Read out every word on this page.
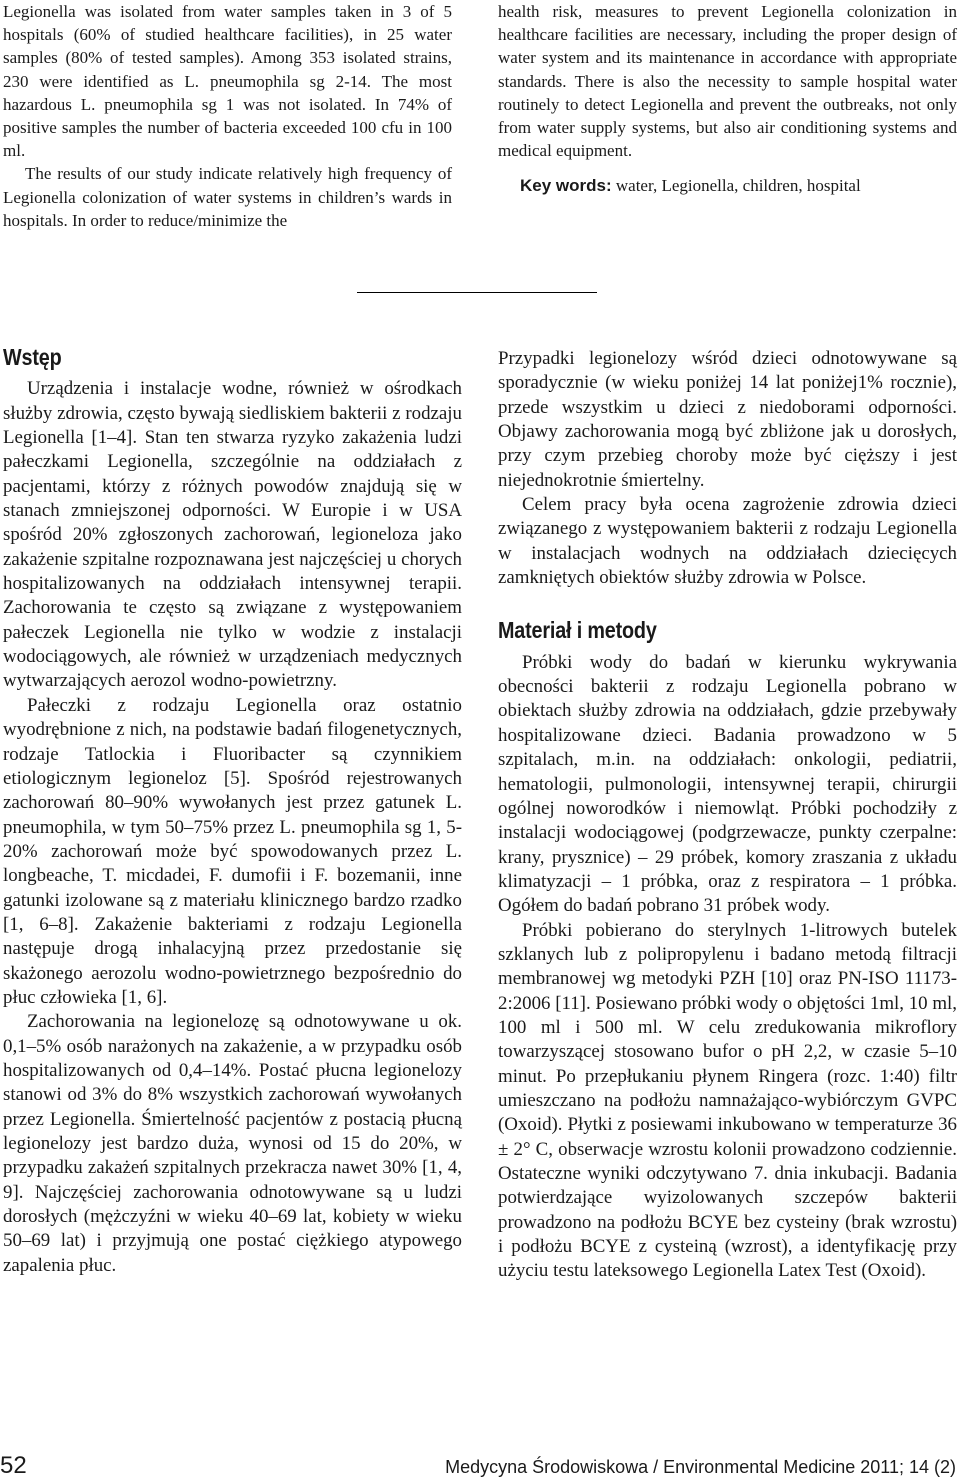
Legionella was isolated from water samples taken in 3 of 5 hospitals (60% of studied healthcare facilities), in 25 water samples (80% of tested samples). Among 353 isolated strains, 230 were identified as L. pneumophila sg 2-14. The most hazardous L. pneumophila sg 1 was not isolated. In 74% of positive samples the number of bacteria exceeded 100 cfu in 100 ml.

The results of our study indicate relatively high frequency of Legionella colonization of water systems in children’s wards in hospitals. In order to reduce/minimize the

health risk, measures to prevent Legionella colonization in healthcare facilities are necessary, including the proper design of water system and its maintenance in accordance with appropriate standards. There is also the necessity to sample hospital water routinely to detect Legionella and prevent the outbreaks, not only from water supply systems, but also air conditioning systems and medical equipment.

Key words: water, Legionella, children, hospital

Wstęp

Urządzenia i instalacje wodne, również w ośrodkach służby zdrowia, często bywają siedliskiem bakterii z rodzaju Legionella [1–4]. Stan ten stwarza ryzyko zakażenia ludzi pałeczkami Legionella, szczególnie na oddziałach z pacjentami, którzy z różnych powodów znajdują się w stanach zmniejszonej odporności. W Europie i w USA spośród 20% zgłoszonych zachorowań, legioneloza jako zakażenie szpitalne rozpoznawana jest najczęściej u chorych hospitalizowanych na oddziałach intensywnej terapii. Zachorowania te często są związane z występowaniem pałeczek Legionella nie tylko w wodzie z instalacji wodociągowych, ale również w urządzeniach medycznych wytwarzających aerozol wodno-powietrzny.

Pałeczki z rodzaju Legionella oraz ostatnio wyodrębnione z nich, na podstawie badań filogenetycznych, rodzaje Tatlockia i Fluoribacter są czynnikiem etiologicznym legioneloz [5]. Spośród rejestrowanych zachorowań 80–90% wywołanych jest przez gatunek L. pneumophila, w tym 50–75% przez L. pneumophila sg 1, 5-20% zachorowań może być spowodowanych przez L. longbeache, T. micdadei, F. dumofii i F. bozemanii, inne gatunki izolowane są z materiału klinicznego bardzo rzadko [1, 6–8]. Zakażenie bakteriami z rodzaju Legionella następuje drogą inhalacyjną przez przedostanie się skażonego aerozolu wodno-powietrznego bezpośrednio do płuc człowieka [1, 6].

Zachorowania na legionelozę są odnotowywane u ok. 0,1–5% osób narażonych na zakażenie, a w przypadku osób hospitalizowanych od 0,4–14%. Postać płucna legionelozy stanowi od 3% do 8% wszystkich zachorowań wywołanych przez Legionella. Śmiertelność pacjentów z postacią płucną legionelozy jest bardzo duża, wynosi od 15 do 20%, w przypadku zakażeń szpitalnych przekracza nawet 30% [1, 4, 9]. Najczęściej zachorowania odnotowywane są u ludzi dorosłych (mężczyźni w wieku 40–69 lat, kobiety w wieku 50–69 lat) i przyjmują one postać ciężkiego atypowego zapalenia płuc.

Przypadki legionelozy wśród dzieci odnotowywane są sporadycznie (w wieku poniżej 14 lat poniżej1% rocznie), przede wszystkim u dzieci z niedoborami odporności. Objawy zachorowania mogą być zbliżone jak u dorosłych, przy czym przebieg choroby może być cięższy i jest niejednokrotnie śmiertelny.

Celem pracy była ocena zagrożenie zdrowia dzieci związanego z występowaniem bakterii z rodzaju Legionella w instalacjach wodnych na oddziałach dziecięcych zamkniętych obiektów służby zdrowia w Polsce.

Materiał i metody

Próbki wody do badań w kierunku wykrywania obecności bakterii z rodzaju Legionella pobrano w obiektach służby zdrowia na oddziałach, gdzie przebywały hospitalizowane dzieci. Badania prowadzono w 5 szpitalach, m.in. na oddziałach: onkologii, pediatrii, hematologii, pulmonologii, intensywnej terapii, chirurgii ogólnej noworodków i niemowląt. Próbki pochodziły z instalacji wodociągowej (podgrzewacze, punkty czerpalne: krany, prysznice) – 29 próbek, komory zraszania z układu klimatyzacji – 1 próbka, oraz z respiratora – 1 próbka. Ogółem do badań pobrano 31 próbek wody.

Próbki pobierano do sterylnych 1-litrowych butelek szklanych lub z polipropylenu i badano metodą filtracji membranowej wg metodyki PZH [10] oraz PN-ISO 11173-2:2006 [11]. Posiewano próbki wody o objętości 1ml, 10 ml, 100 ml i 500 ml. W celu zredukowania mikroflory towarzyszącej stosowano bufor o pH 2,2, w czasie 5–10 minut. Po przepłukaniu płynem Ringera (rozc. 1:40) filtr umieszczano na podłożu namnażająco-wybiórczym GVPC (Oxoid). Płytki z posiewami inkubowano w temperaturze 36 ± 2° C, obserwacje wzrostu kolonii prowadzono codziennie. Ostateczne wyniki odczytywano 7. dnia inkubacji. Badania potwierdzające wyizolowanych szczepów bakterii prowadzono na podłożu BCYE bez cysteiny (brak wzrostu) i podłożu BCYE z cysteiną (wzrost), a identyfikację przy użyciu testu lateksowego Legionella Latex Test (Oxoid).

52	Medycyna Środowiskowa / Environmental Medicine 2011; 14 (2)
